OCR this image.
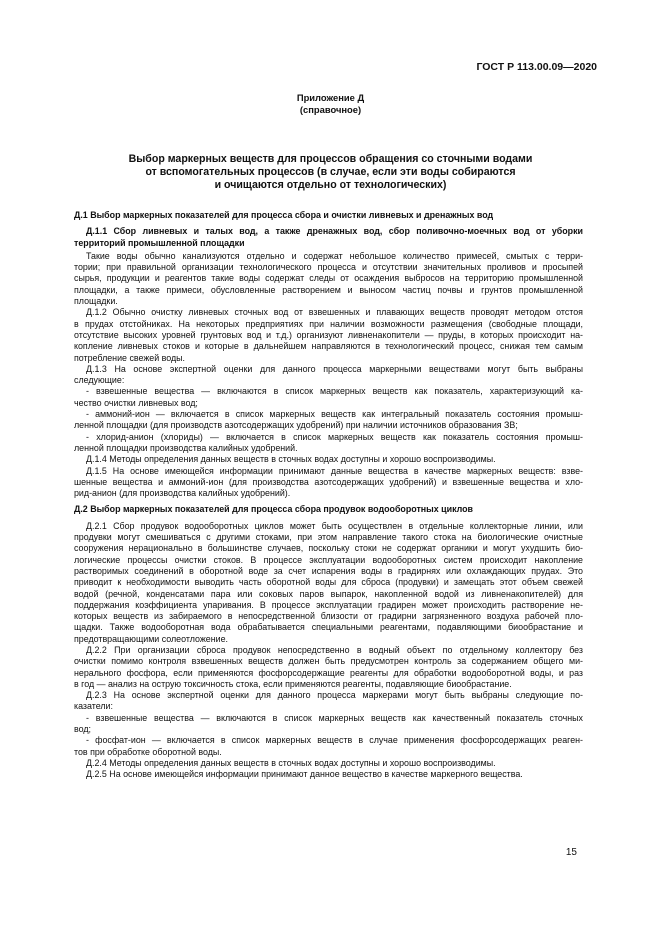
ГОСТ Р 113.00.09—2020
Приложение Д
(справочное)
Выбор маркерных веществ для процессов обращения со сточными водами
от вспомогательных процессов (в случае, если эти воды собираются
и очищаются отдельно от технологических)

Д.1 Выбор маркерных показателей для процесса сбора и очистки ливневых и дренажных вод

Д.1.1 Сбор ливневых и талых вод, а также дренажных вод, сбор поливочно-моечных вод от уборки
территорий промышленной площадки
Такие воды обычно канализуются отдельно и содержат небольшое количество примесей, смытых с терри-
тории; при правильной организации технологического процесса и отсутствии значительных проливов и просыпей
сырья, продукции и реагентов такие воды содержат следы от осаждения выбросов на территорию промышленной
площадки, а также примеси, обусловленные растворением и выносом частиц почвы и грунтов промышленной
площадки.
Д.1.2 Обычно очистку ливневых сточных вод от взвешенных и плавающих веществ проводят методом отстоя
в прудах отстойниках. На некоторых предприятиях при наличии возможности размещения (свободные площади,
отсутствие высоких уровней грунтовых вод и т.д.) организуют ливненакопители — пруды, в которых происходит на-
копление ливневых стоков и которые в дальнейшем направляются в технологический процесс, снижая тем самым
потребление свежей воды.
Д.1.3 На основе экспертной оценки для данного процесса маркерными веществами могут быть выбраны
следующие:
- взвешенные вещества — включаются в список маркерных веществ как показатель, характеризующий ка-
чество очистки ливневых вод;
- аммоний-ион — включается в список маркерных веществ как интегральный показатель состояния промыш-
ленной площадки (для производств азотсодержащих удобрений) при наличии источников образования ЗВ;
- хлорид-анион (хлориды) — включается в список маркерных веществ как показатель состояния промыш-
ленной площадки производства калийных удобрений.
Д.1.4 Методы определения данных веществ в сточных водах доступны и хорошо воспроизводимы.
Д.1.5 На основе имеющейся информации принимают данные вещества в качестве маркерных веществ: взве-
шенные вещества и аммоний-ион (для производства азотсодержащих удобрений) и взвешенные вещества и хло-
рид-анион (для производства калийных удобрений).

Д.2 Выбор маркерных показателей для процесса сбора продувок водооборотных циклов

Д.2.1 Сбор продувок водооборотных циклов может быть осуществлен в отдельные коллекторные линии, или
продувки могут смешиваться с другими стоками, при этом направление такого стока на биологические очистные
сооружения нерационально в большинстве случаев, поскольку стоки не содержат органики и могут ухудшить био-
логические процессы очистки стоков. В процессе эксплуатации водооборотных систем происходит накопление
растворимых соединений в оборотной воде за счет испарения воды в градирнях или охлаждающих прудах. Это
приводит к необходимости выводить часть оборотной воды для сброса (продувки) и замещать этот объем свежей
водой (речной, конденсатами пара или соковых паров выпарок, накопленной водой из ливненакопителей) для
поддержания коэффициента упаривания. В процессе эксплуатации градирен может происходить растворение не-
которых веществ из забираемого в непосредственной близости от градирни загрязненного воздуха рабочей пло-
щадки. Также водооборотная вода обрабатывается специальными реагентами, подавляющими биообрастание и
предотвращающими солеотложение.
Д.2.2 При организации сброса продувок непосредственно в водный объект по отдельному коллектору без
очистки помимо контроля взвешенных веществ должен быть предусмотрен контроль за содержанием общего ми-
нерального фосфора, если применяются фосфорсодержащие реагенты для обработки водооборотной воды, и раз
в год — анализ на острую токсичность стока, если применяются реагенты, подавляющие биообрастание.
Д.2.3 На основе экспертной оценки для данного процесса маркерами могут быть выбраны следующие по-
казатели:
- взвешенные вещества — включаются в список маркерных веществ как качественный показатель сточных
вод;
- фосфат-ион — включается в список маркерных веществ в случае применения фосфорсодержащих реаген-
тов при обработке оборотной воды.
Д.2.4 Методы определения данных веществ в сточных водах доступны и хорошо воспроизводимы.
Д.2.5 На основе имеющейся информации принимают данное вещество в качестве маркерного вещества.
15
